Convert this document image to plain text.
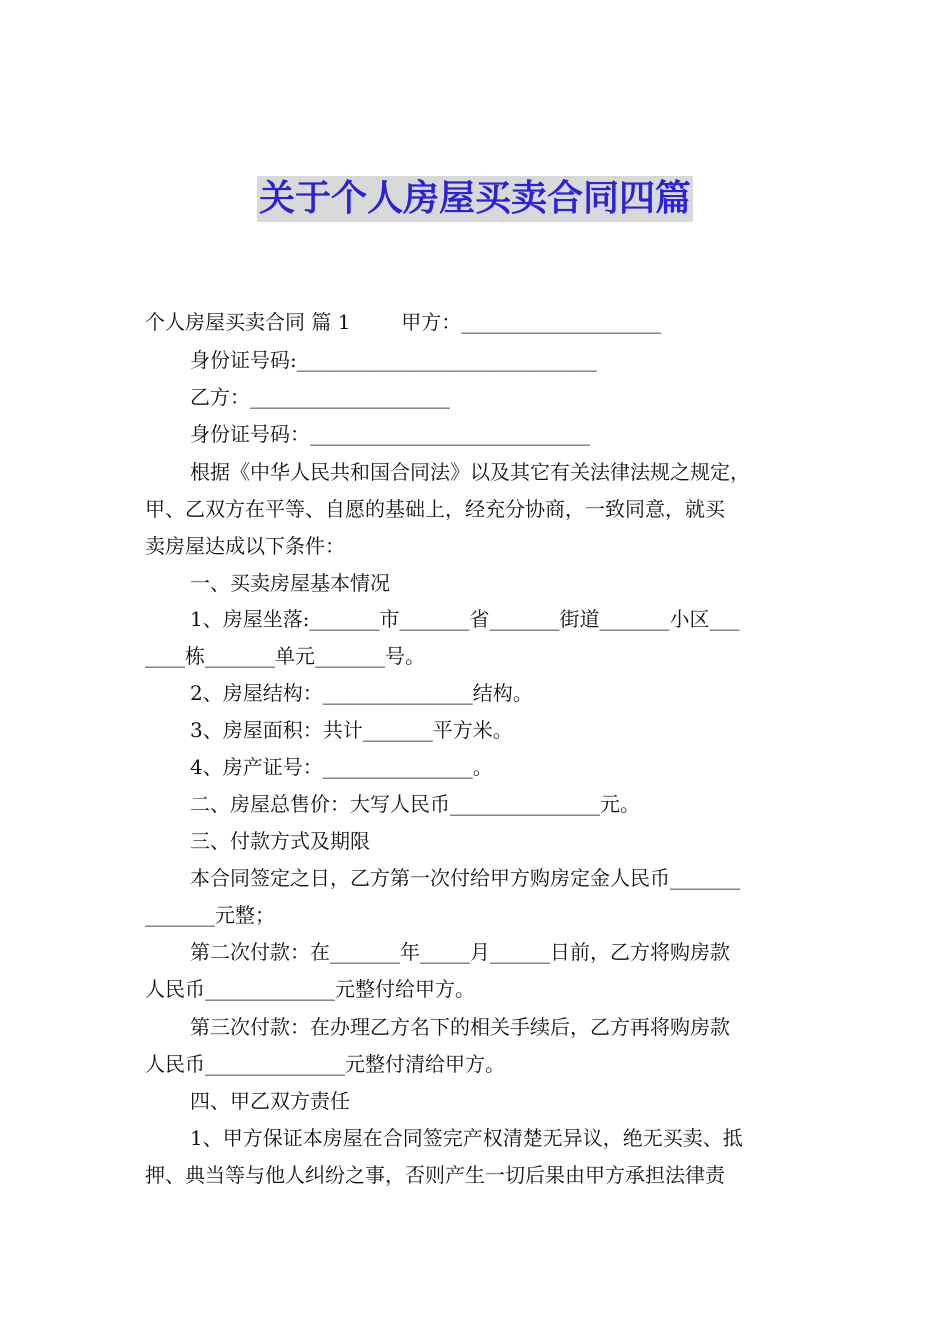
关于个人房屋买卖合同四篇
个人房屋买卖合同 篇 1        甲方：____________________
身份证号码:______________________________
乙方：____________________
身份证号码：____________________________
根据《中华人民共和国合同法》以及其它有关法律法规之规定，
甲、乙双方在平等、自愿的基础上，经充分协商，一致同意，就买
卖房屋达成以下条件：
一、买卖房屋基本情况
1、房屋坐落:_______市_______省_______街道_______小区___
____栋_______单元_______号。
2、房屋结构：_______________结构。
3、房屋面积：共计_______平方米。
4、房产证号：_______________。
二、房屋总售价：大写人民币_______________元。
三、付款方式及期限
本合同签定之日，乙方第一次付给甲方购房定金人民币_______
_______元整；
第二次付款：在_______年_____月______日前，乙方将购房款
人民币_____________元整付给甲方。
第三次付款：在办理乙方名下的相关手续后，乙方再将购房款
人民币______________元整付清给甲方。
四、甲乙双方责任
1、甲方保证本房屋在合同签完产权清楚无异议，绝无买卖、抵
押、典当等与他人纠纷之事，否则产生一切后果由甲方承担法律责
